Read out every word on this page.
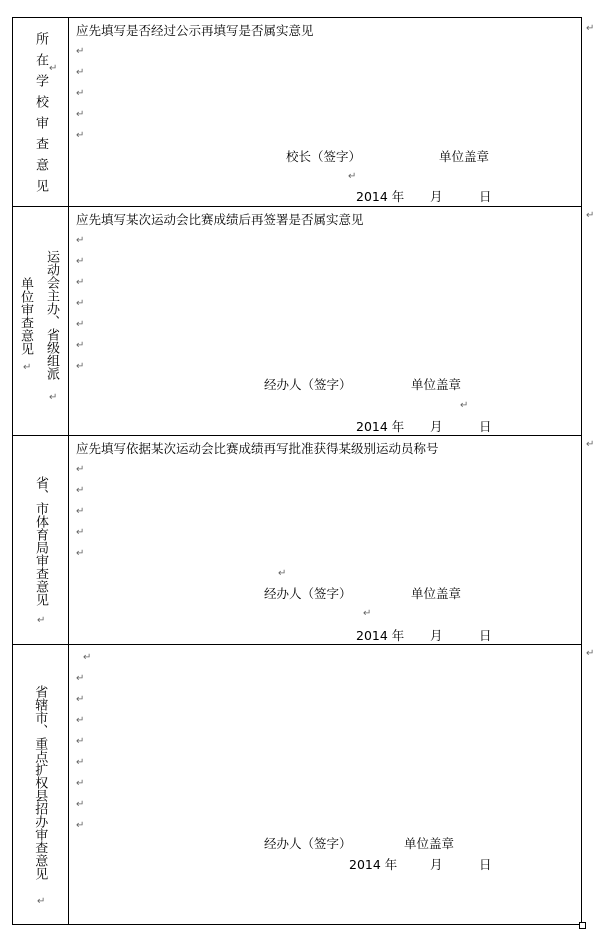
所在学校审查意见 ↵
应先填写是否经过公示再填写是否属实意见
↵
↵
↵
↵
↵
校长（签字）	单位盖章
↵
2014 年 月	日
运动会主办、省级组派
单位审查意见
↵
↵
应先填写某次运动会比赛成绩后再签署是否属实意见
↵
↵
↵
↵
↵
↵
↵
经办人（签字）	单位盖章
↵
2014 年 月	日
省、市体育局审查意见
↵
应先填写依据某次运动会比赛成绩再写批准获得某级别运动员称号
↵
↵
↵
↵
↵
↵
经办人（签字）	单位盖章
↵
2014 年 月	日
省辖市、重点扩权县招办审查意见
↵
↵
↵
↵
↵
↵
↵
↵
↵
↵
经办人（签字）	单位盖章
2014 年	月	日
↵
↵
↵
↵
